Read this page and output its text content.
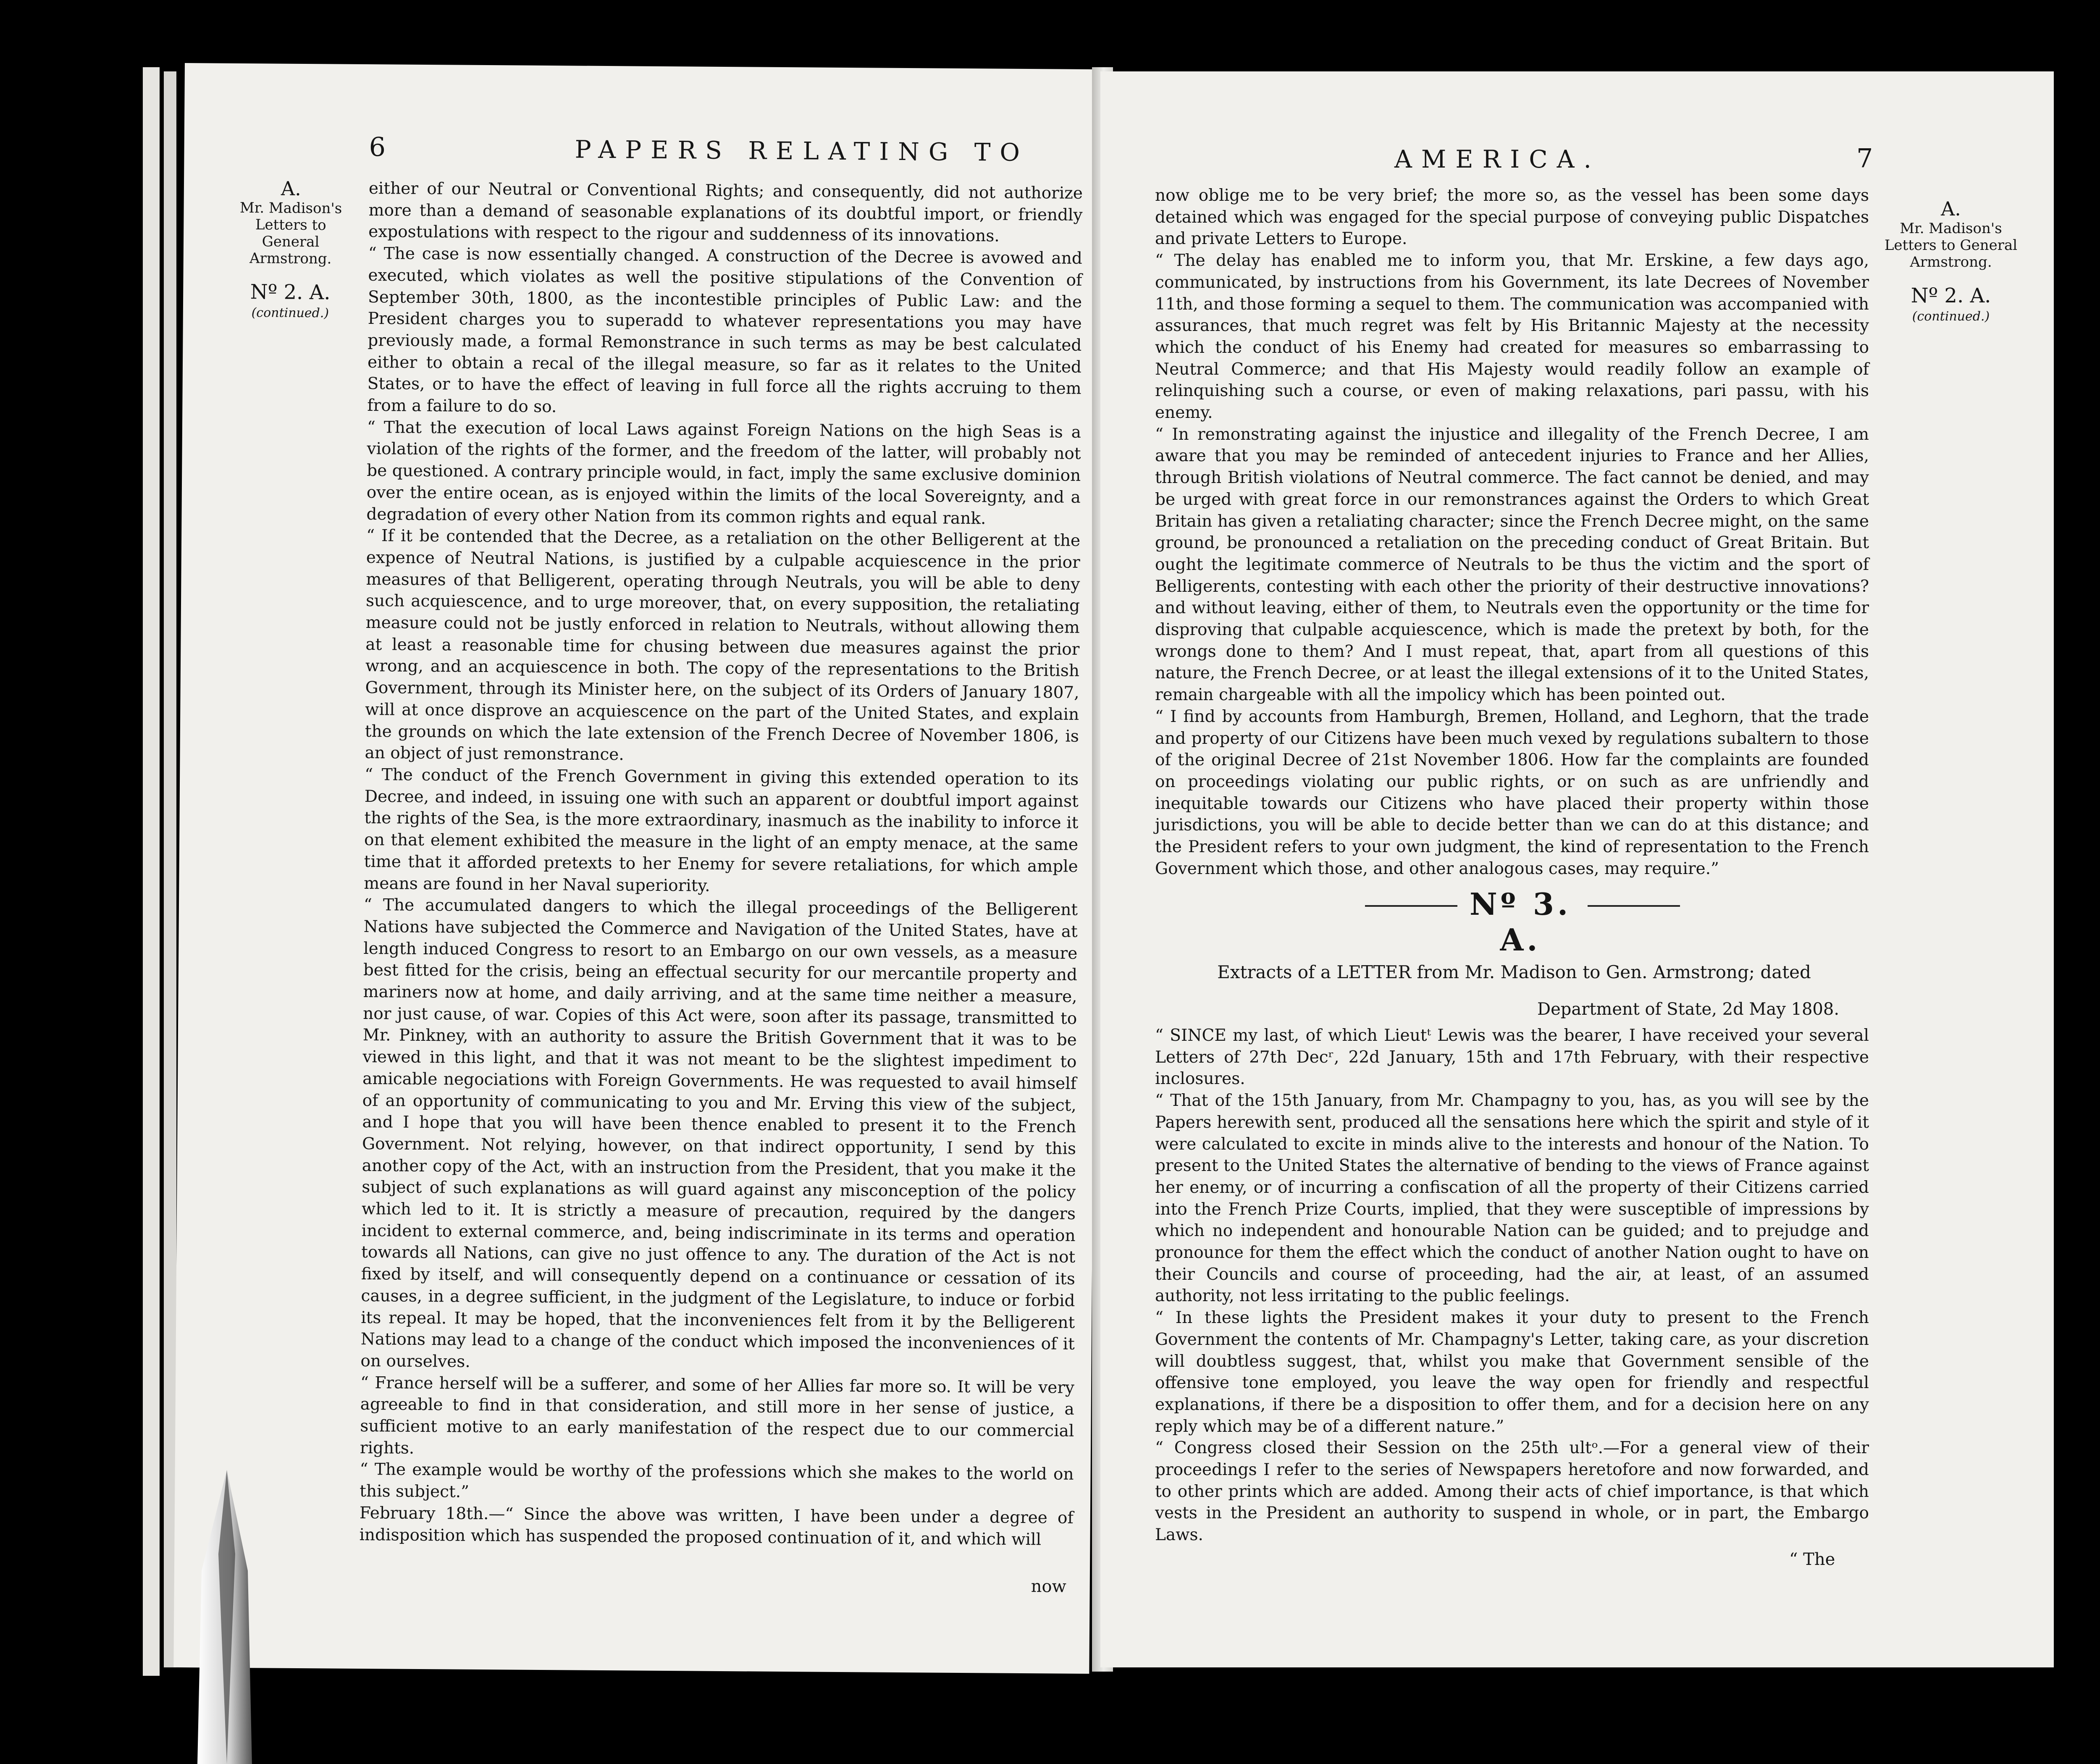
6	PAPERS RELATING TO
A.
Mr. Madison's
Letters to General
Armstrong.
Nº 2. A.
(continued.)

either of our Neutral or Conventional Rights; and consequently, did not authorize more than a demand of seasonable explanations of its doubtful import, or friendly expostulations with respect to the rigour and suddenness of its innovations.

“ The case is now essentially changed. A construction of the Decree is avowed and executed, which violates as well the positive stipulations of the Convention of September 30th, 1800, as the incontestible principles of Public Law: and the President charges you to superadd to whatever representations you may have previously made, a formal Remonstrance in such terms as may be best calculated either to obtain a recal of the illegal measure, so far as it relates to the United States, or to have the effect of leaving in full force all the rights accruing to them from a failure to do so.

“ That the execution of local Laws against Foreign Nations on the high Seas is a violation of the rights of the former, and the freedom of the latter, will probably not be questioned. A contrary principle would, in fact, imply the same exclusive dominion over the entire ocean, as is enjoyed within the limits of the local Sovereignty, and a degradation of every other Nation from its common rights and equal rank.

“ If it be contended that the Decree, as a retaliation on the other Belligerent at the expence of Neutral Nations, is justified by a culpable acquiescence in the prior measures of that Belligerent, operating through Neutrals, you will be able to deny such acquiescence, and to urge moreover, that, on every supposition, the retaliating measure could not be justly enforced in relation to Neutrals, without allowing them at least a reasonable time for chusing between due measures against the prior wrong, and an acquiescence in both. The copy of the representations to the British Government, through its Minister here, on the subject of its Orders of January 1807, will at once disprove an acquiescence on the part of the United States, and explain the grounds on which the late extension of the French Decree of November 1806, is an object of just remonstrance.

“ The conduct of the French Government in giving this extended operation to its Decree, and indeed, in issuing one with such an apparent or doubtful import against the rights of the Sea, is the more extraordinary, inasmuch as the inability to inforce it on that element exhibited the measure in the light of an empty menace, at the same time that it afforded pretexts to her Enemy for severe retaliations, for which ample means are found in her Naval superiority.

“ The accumulated dangers to which the illegal proceedings of the Belligerent Nations have subjected the Commerce and Navigation of the United States, have at length induced Congress to resort to an Embargo on our own vessels, as a measure best fitted for the crisis, being an effectual security for our mercantile property and mariners now at home, and daily arriving, and at the same time neither a measure, nor just cause, of war. Copies of this Act were, soon after its passage, transmitted to Mr. Pinkney, with an authority to assure the British Government that it was to be viewed in this light, and that it was not meant to be the slightest impediment to amicable negociations with Foreign Governments. He was requested to avail himself of an opportunity of communicating to you and Mr. Erving this view of the subject, and I hope that you will have been thence enabled to present it to the French Government. Not relying, however, on that indirect opportunity, I send by this another copy of the Act, with an instruction from the President, that you make it the subject of such explanations as will guard against any misconception of the policy which led to it. It is strictly a measure of precaution, required by the dangers incident to external commerce, and, being indiscriminate in its terms and operation towards all Nations, can give no just offence to any. The duration of the Act is not fixed by itself, and will consequently depend on a continuance or cessation of its causes, in a degree sufficient, in the judgment of the Legislature, to induce or forbid its repeal. It may be hoped, that the inconveniences felt from it by the Belligerent Nations may lead to a change of the conduct which imposed the inconveniences of it on ourselves.

“ France herself will be a sufferer, and some of her Allies far more so. It will be very agreeable to find in that consideration, and still more in her sense of justice, a sufficient motive to an early manifestation of the respect due to our commercial rights.

“ The example would be worthy of the professions which she makes to the world on this subject.”

February 18th.—“ Since the above was written, I have been under a degree of indisposition which has suspended the proposed continuation of it, and which will

now
AMERICA.	7
A.
Mr. Madison's
Letters to General
Armstrong.
Nº 2. A.
(continued.)

now oblige me to be very brief; the more so, as the vessel has been some days detained which was engaged for the special purpose of conveying public Dispatches and private Letters to Europe.

“ The delay has enabled me to inform you, that Mr. Erskine, a few days ago, communicated, by instructions from his Government, its late Decrees of November 11th, and those forming a sequel to them. The communication was accompanied with assurances, that much regret was felt by His Britannic Majesty at the necessity which the conduct of his Enemy had created for measures so embarrassing to Neutral Commerce; and that His Majesty would readily follow an example of relinquishing such a course, or even of making relaxations, pari passu, with his enemy.

“ In remonstrating against the injustice and illegality of the French Decree, I am aware that you may be reminded of antecedent injuries to France and her Allies, through British violations of Neutral commerce. The fact cannot be denied, and may be urged with great force in our remonstrances against the Orders to which Great Britain has given a retaliating character; since the French Decree might, on the same ground, be pronounced a retaliation on the preceding conduct of Great Britain. But ought the legitimate commerce of Neutrals to be thus the victim and the sport of Belligerents, contesting with each other the priority of their destructive innovations? and without leaving, either of them, to Neutrals even the opportunity or the time for disproving that culpable acquiescence, which is made the pretext by both, for the wrongs done to them? And I must repeat, that, apart from all questions of this nature, the French Decree, or at least the illegal extensions of it to the United States, remain chargeable with all the impolicy which has been pointed out.

“ I find by accounts from Hamburgh, Bremen, Holland, and Leghorn, that the trade and property of our Citizens have been much vexed by regulations subaltern to those of the original Decree of 21st November 1806. How far the complaints are founded on proceedings violating our public rights, or on such as are unfriendly and inequitable towards our Citizens who have placed their property within those jurisdictions, you will be able to decide better than we can do at this distance; and the President refers to your own judgment, the kind of representation to the French Government which those, and other analogous cases, may require.”

Nº 3. A.
Extracts of a LETTER from Mr. Madison to Gen. Armstrong; dated
Department of State, 2d May 1808.

“ SINCE my last, of which Lieutᵗ Lewis was the bearer, I have received your several Letters of 27th Decʳ, 22d January, 15th and 17th February, with their respective inclosures.

“ That of the 15th January, from Mr. Champagny to you, has, as you will see by the Papers herewith sent, produced all the sensations here which the spirit and style of it were calculated to excite in minds alive to the interests and honour of the Nation. To present to the United States the alternative of bending to the views of France against her enemy, or of incurring a confiscation of all the property of their Citizens carried into the French Prize Courts, implied, that they were susceptible of impressions by which no independent and honourable Nation can be guided; and to prejudge and pronounce for them the effect which the conduct of another Nation ought to have on their Councils and course of proceeding, had the air, at least, of an assumed authority, not less irritating to the public feelings.

“ In these lights the President makes it your duty to present to the French Government the contents of Mr. Champagny's Letter, taking care, as your discretion will doubtless suggest, that, whilst you make that Government sensible of the offensive tone employed, you leave the way open for friendly and respectful explanations, if there be a disposition to offer them, and for a decision here on any reply which may be of a different nature.”

“ Congress closed their Session on the 25th ultᵒ.—For a general view of their proceedings I refer to the series of Newspapers heretofore and now forwarded, and to other prints which are added. Among their acts of chief importance, is that which vests in the President an authority to suspend in whole, or in part, the Embargo Laws.

“ The
